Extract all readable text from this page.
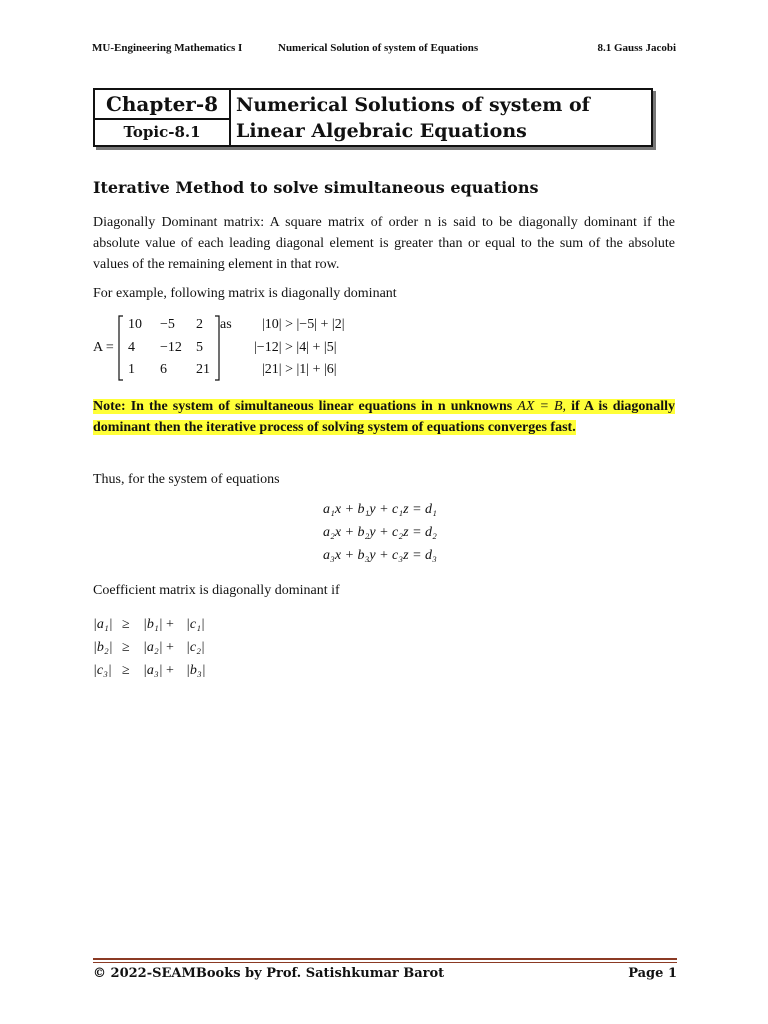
MU-Engineering Mathematics I	Numerical Solution of system of Equations	8.1 Gauss Jacobi
Chapter-8
Topic-8.1
Numerical Solutions of system of
Linear Algebraic Equations
Iterative Method to solve simultaneous equations
Diagonally Dominant matrix: A square matrix of order n is said to be diagonally dominant if the absolute value of each leading diagonal element is greater than or equal to the sum of the absolute values of the remaining element in that row.
For example, following matrix is diagonally dominant
A =
10 −5 2
4 −12 5
1 6 21
as |10| > |−5| + |2|
|−12| > |4| + |5|
|21| > |1| + |6|
Note: In the system of simultaneous linear equations in n unknowns AX = B, if A is diagonally dominant then the iterative process of solving system of equations converges fast.
Thus, for the system of equations
a₁x + b₁y + c₁z = d₁
a₂x + b₂y + c₂z = d₂
a₃x + b₃y + c₃z = d₃
Coefficient matrix is diagonally dominant if
|a₁| ≥ |b₁| + |c₁|
|b₂| ≥ |a₂| + |c₂|
|c₃| ≥ |a₃| + |b₃|
© 2022-SEAMBooks by Prof. Satishkumar Barot	Page 1
